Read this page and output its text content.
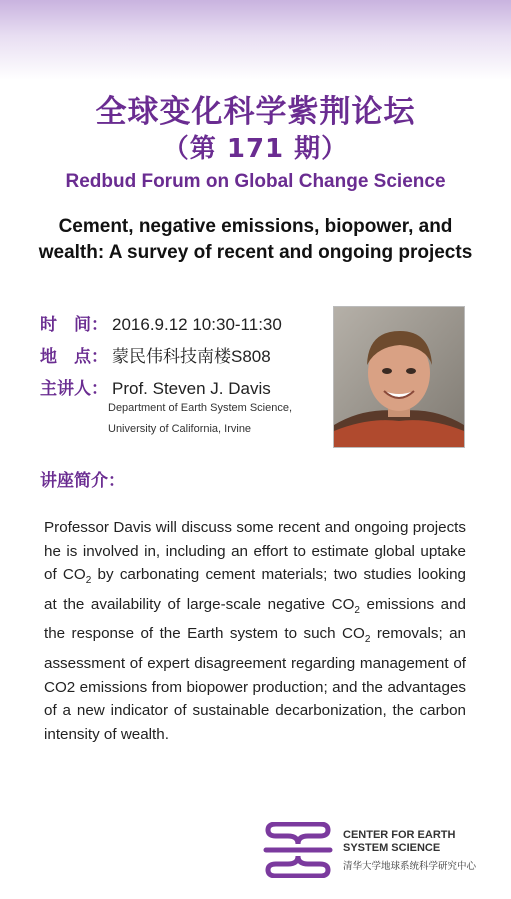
全球变化科学紫荆论坛
（第 171 期）
Redbud Forum on Global Change Science
Cement, negative emissions, biopower, and
wealth: A survey of recent and ongoing projects
时　间： 2016.9.12 10:30-11:30
地　点： 蒙民伟科技南楼S808
主讲人： Prof. Steven J. Davis
Department of Earth System Science,
University of California, Irvine
讲座简介：
Professor Davis will discuss some recent and ongoing projects he is involved in, including an effort to estimate global uptake of $CO_2$ by carbonating cement materials; two studies looking at the availability of large-scale negative $CO_2$ emissions and the response of the Earth system to such $CO_2$ removals; an assessment of expert disagreement regarding management of CO2 emissions from biopower production; and the advantages of a new indicator of sustainable decarbonization, the carbon intensity of wealth.
CENTER FOR EARTH
SYSTEM SCIENCE
清华大学地球系统科学研究中心
